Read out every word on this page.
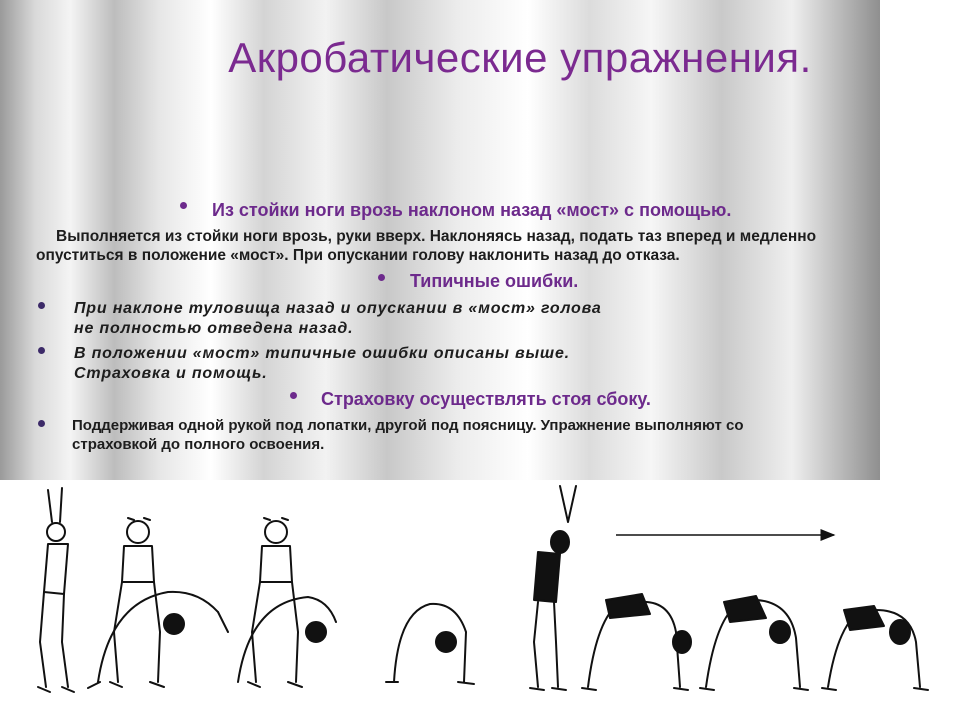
Акробатические упражнения.
Из стойки ноги врозь наклоном назад «мост» с помощью.
Выполняется из стойки ноги врозь, руки вверх. Наклоняясь назад, подать таз вперед и медленно
опуститься в положение «мост». При опускании голову наклонить назад до отказа.
Типичные ошибки.
При наклоне туловища назад и опускании в «мост» голова
не полностью отведена назад.
В положении «мост» типичные ошибки описаны выше.
Страховка и помощь.
Страховку осуществлять стоя сбоку.
Поддерживая одной рукой под лопатки, другой под поясницу. Упражнение выполняют со
страховкой до полного освоения.
